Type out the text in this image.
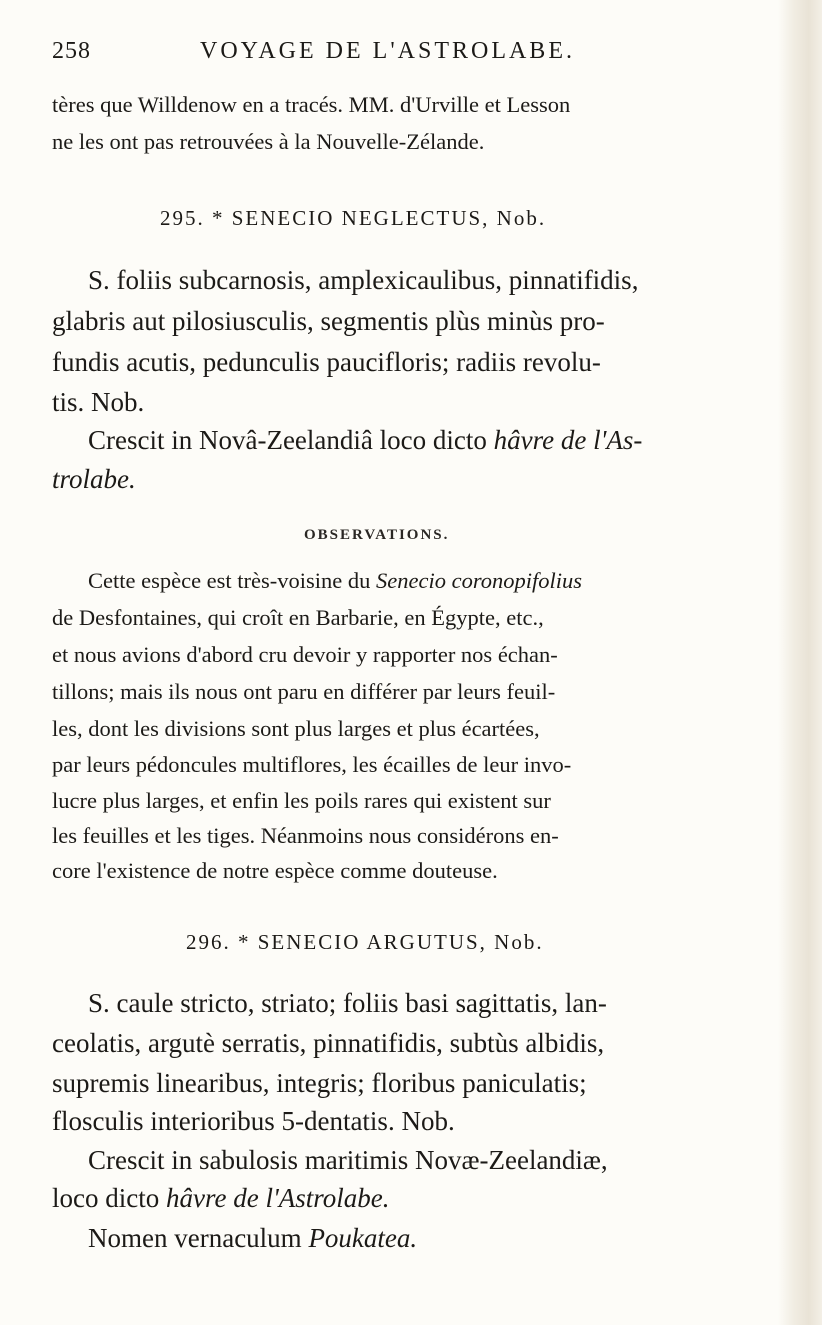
258	VOYAGE DE L'ASTROLABE.
tères que Willdenow en a tracés. MM. d'Urville et Lesson
ne les ont pas retrouvées à la Nouvelle-Zélande.
295. * SENECIO NEGLECTUS, Nob.
S. foliis subcarnosis, amplexicaulibus, pinnatifidis,
glabris aut pilosiusculis, segmentis plùs minùs pro-
fundis acutis, pedunculis paucifloris; radiis revolu-
tis. Nob.
Crescit in Novâ-Zeelandiâ loco dicto hâvre de l'As-
trolabe.
OBSERVATIONS.
Cette espèce est très-voisine du Senecio coronopifolius
de Desfontaines, qui croît en Barbarie, en Égypte, etc.,
et nous avions d'abord cru devoir y rapporter nos échan-
tillons; mais ils nous ont paru en différer par leurs feuil-
les, dont les divisions sont plus larges et plus écartées,
par leurs pédoncules multiflores, les écailles de leur invo-
lucre plus larges, et enfin les poils rares qui existent sur
les feuilles et les tiges. Néanmoins nous considérons en-
core l'existence de notre espèce comme douteuse.
296. * SENECIO ARGUTUS, Nob.
S. caule stricto, striato; foliis basi sagittatis, lan-
ceolatis, argutè serratis, pinnatifidis, subtùs albidis,
supremis linearibus, integris; floribus paniculatis;
flosculis interioribus 5-dentatis. Nob.
Crescit in sabulosis maritimis Novæ-Zeelandiæ,
loco dicto hâvre de l'Astrolabe.
Nomen vernaculum Poukatea.
